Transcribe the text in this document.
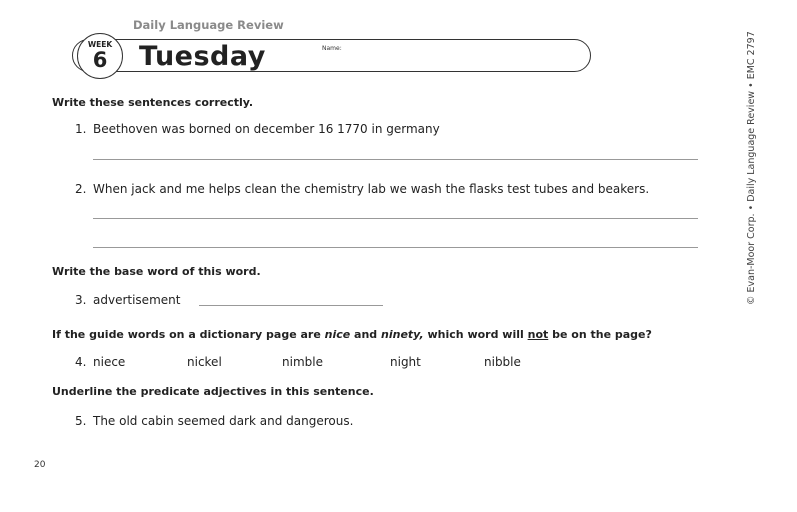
Daily Language Review
WEEK
6	Tuesday	Name:	© Evan-Moor Corp. • Daily Language Review • EMC 2797
Write these sentences correctly.
1. Beethoven was borned on december 16 1770 in germany
2. When jack and me helps clean the chemistry lab we wash the flasks test tubes and beakers.
Write the base word of this word.
3. advertisement
If the guide words on a dictionary page are nice and ninety, which word will not be on the page?
4. niece	nickel	nimble	night	nibble
Underline the predicate adjectives in this sentence.
5. The old cabin seemed dark and dangerous.
20
